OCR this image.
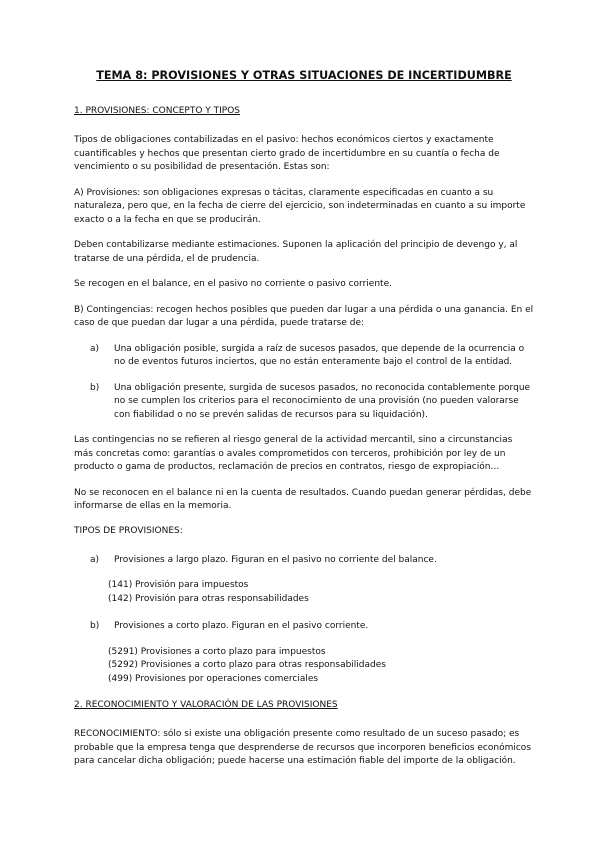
TEMA 8: PROVISIONES Y OTRAS SITUACIONES DE INCERTIDUMBRE
1. PROVISIONES: CONCEPTO Y TIPOS

Tipos de obligaciones contabilizadas en el pasivo: hechos económicos ciertos y exactamente cuantificables y hechos que presentan cierto grado de incertidumbre en su cuantía o fecha de vencimiento o su posibilidad de presentación. Estas son:

A) Provisiones: son obligaciones expresas o tácitas, claramente especificadas en cuanto a su naturaleza, pero que, en la fecha de cierre del ejercicio, son indeterminadas en cuanto a su importe exacto o a la fecha en que se producirán.

Deben contabilizarse mediante estimaciones. Suponen la aplicación del principio de devengo y, al tratarse de una pérdida, el de prudencia.

Se recogen en el balance, en el pasivo no corriente o pasivo corriente.

B) Contingencias: recogen hechos posibles que pueden dar lugar a una pérdida o una ganancia. En el caso de que puedan dar lugar a una pérdida, puede tratarse de:

a)	Una obligación posible, surgida a raíz de sucesos pasados, que depende de la ocurrencia o no de eventos futuros inciertos, que no están enteramente bajo el control de la entidad.
b)	Una obligación presente, surgida de sucesos pasados, no reconocida contablemente porque no se cumplen los criterios para el reconocimiento de una provisión (no pueden valorarse con fiabilidad o no se prevén salidas de recursos para su liquidación).

Las contingencias no se refieren al riesgo general de la actividad mercantil, sino a circunstancias más concretas como: garantías o avales comprometidos con terceros, prohibición por ley de un producto o gama de productos, reclamación de precios en contratos, riesgo de expropiación…

No se reconocen en el balance ni en la cuenta de resultados. Cuando puedan generar pérdidas, debe informarse de ellas en la memoria.

TIPOS DE PROVISIONES:
a)	Provisiones a largo plazo. Figuran en el pasivo no corriente del balance.
(141) Provisión para impuestos
(142) Provisión para otras responsabilidades
b)	Provisiones a corto plazo. Figuran en el pasivo corriente.
(5291) Provisiones a corto plazo para impuestos
(5292) Provisiones a corto plazo para otras responsabilidades
(499) Provisiones por operaciones comerciales
2. RECONOCIMIENTO Y VALORACIÓN DE LAS PROVISIONES

RECONOCIMIENTO: sólo si existe una obligación presente como resultado de un suceso pasado; es probable que la empresa tenga que desprenderse de recursos que incorporen beneficios económicos para cancelar dicha obligación; puede hacerse una estimación fiable del importe de la obligación.
